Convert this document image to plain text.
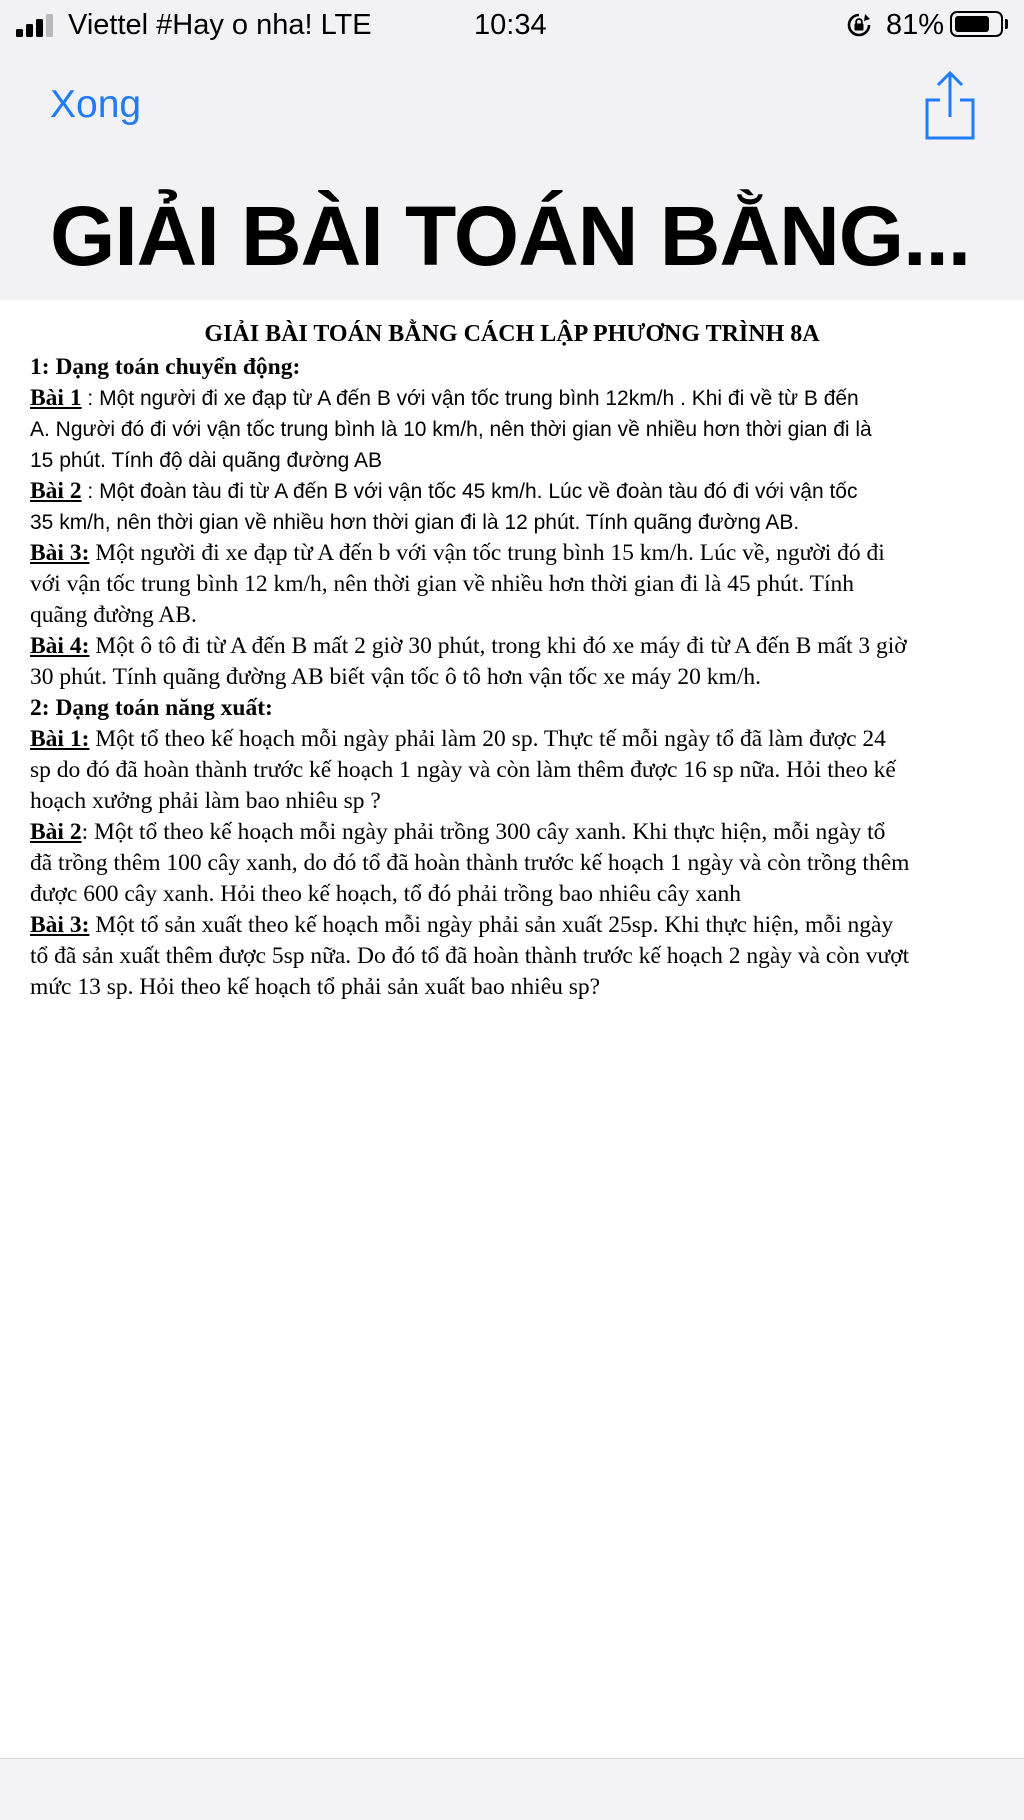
Viettel #Hay o nha! LTE	10:34	81%
Xong
GIẢI BÀI TOÁN BẰNG...
GIẢI BÀI TOÁN BẰNG CÁCH LẬP PHƯƠNG TRÌNH 8A
1: Dạng toán chuyển động:
Bài 1 : Một người đi xe đạp từ A đến B với vận tốc trung bình 12km/h . Khi đi về từ B đến
A. Người đó đi với vận tốc trung bình là 10 km/h, nên thời gian về nhiều hơn thời gian đi là
15 phút. Tính độ dài quãng đường AB
Bài 2 : Một đoàn tàu đi từ A đến B với vận tốc 45 km/h. Lúc về đoàn tàu đó đi với vận tốc
35 km/h, nên thời gian về nhiều hơn thời gian đi là 12 phút. Tính quãng đường AB.
Bài 3: Một người đi xe đạp từ A đến b với vận tốc trung bình 15 km/h. Lúc về, người đó đi
với vận tốc trung bình 12 km/h, nên thời gian về nhiều hơn thời gian đi là 45 phút. Tính
quãng đường AB.
Bài 4: Một ô tô đi từ A đến B mất 2 giờ 30 phút, trong khi đó xe máy đi từ A đến B mất 3 giờ
30 phút. Tính quãng đường AB biết vận tốc ô tô hơn vận tốc xe máy 20 km/h.
2: Dạng toán năng xuất:
Bài 1: Một tổ theo kế hoạch mỗi ngày phải làm 20 sp. Thực tế mỗi ngày tổ đã làm được 24
sp do đó đã hoàn thành trước kế hoạch 1 ngày và còn làm thêm được 16 sp nữa. Hỏi theo kế
hoạch xưởng phải làm bao nhiêu sp ?
Bài 2: Một tổ theo kế hoạch mỗi ngày phải trồng 300 cây xanh. Khi thực hiện, mỗi ngày tổ
đã trồng thêm 100 cây xanh, do đó tổ đã hoàn thành trước kế hoạch 1 ngày và còn trồng thêm
được 600 cây xanh. Hỏi theo kế hoạch, tổ đó phải trồng bao nhiêu cây xanh
Bài 3: Một tổ sản xuất theo kế hoạch mỗi ngày phải sản xuất 25sp. Khi thực hiện, mỗi ngày
tổ đã sản xuất thêm được 5sp nữa. Do đó tổ đã hoàn thành trước kế hoạch 2 ngày và còn vượt
mức 13 sp. Hỏi theo kế hoạch tổ phải sản xuất bao nhiêu sp?
